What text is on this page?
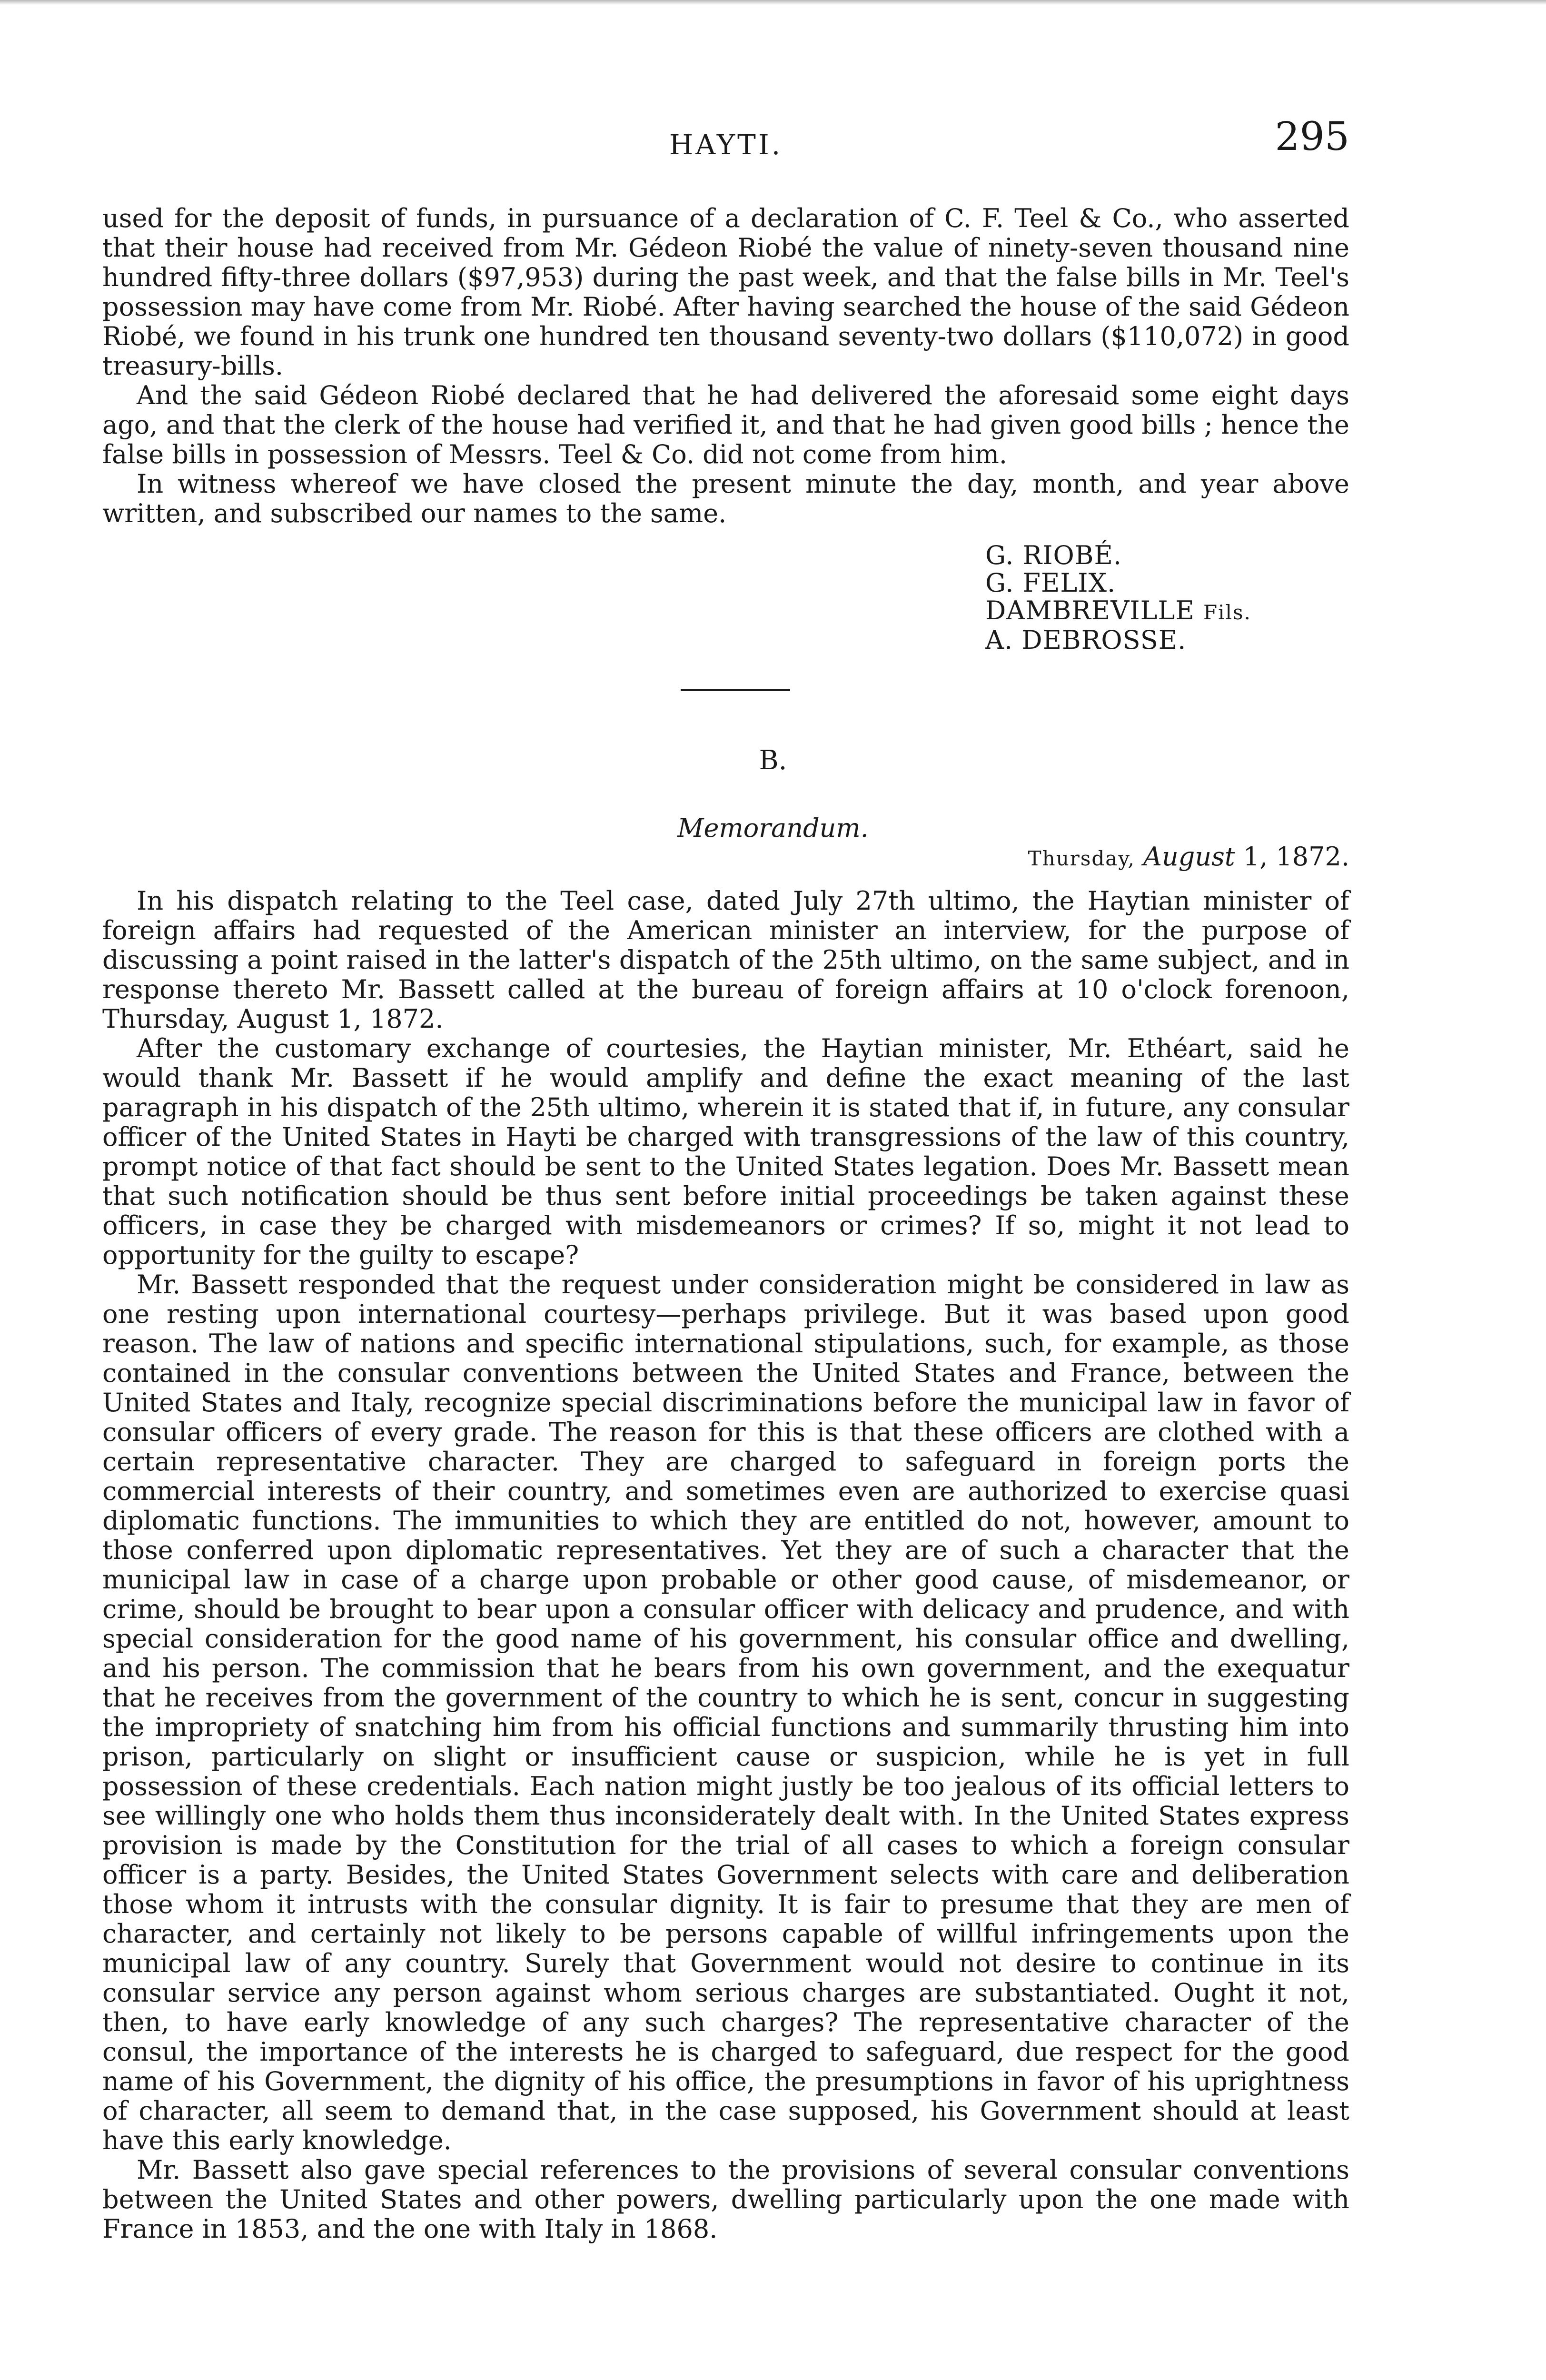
HAYTI.	295

used for the deposit of funds, in pursuance of a declaration of C. F. Teel & Co., who asserted that their house had received from Mr. Gédeon Riobé the value of ninety-seven thousand nine hundred fifty-three dollars ($97,953) during the past week, and that the false bills in Mr. Teel's possession may have come from Mr. Riobé. After having searched the house of the said Gédeon Riobé, we found in his trunk one hundred ten thousand seventy-two dollars ($110,072) in good treasury-bills.

And the said Gédeon Riobé declared that he had delivered the aforesaid some eight days ago, and that the clerk of the house had verified it, and that he had given good bills ; hence the false bills in possession of Messrs. Teel & Co. did not come from him.

In witness whereof we have closed the present minute the day, month, and year above written, and subscribed our names to the same.

G. RIOBÉ.
G. FELIX.
DAMBREVILLE Fils.
A. DEBROSSE.
B.
Memorandum.
Thursday, August 1, 1872.

In his dispatch relating to the Teel case, dated July 27th ultimo, the Haytian minister of foreign affairs had requested of the American minister an interview, for the purpose of discussing a point raised in the latter's dispatch of the 25th ultimo, on the same subject, and in response thereto Mr. Bassett called at the bureau of foreign affairs at 10 o'clock forenoon, Thursday, August 1, 1872.

After the customary exchange of courtesies, the Haytian minister, Mr. Ethéart, said he would thank Mr. Bassett if he would amplify and define the exact meaning of the last paragraph in his dispatch of the 25th ultimo, wherein it is stated that if, in future, any consular officer of the United States in Hayti be charged with transgressions of the law of this country, prompt notice of that fact should be sent to the United States legation. Does Mr. Bassett mean that such notification should be thus sent before initial proceedings be taken against these officers, in case they be charged with misdemeanors or crimes? If so, might it not lead to opportunity for the guilty to escape?

Mr. Bassett responded that the request under consideration might be considered in law as one resting upon international courtesy—perhaps privilege. But it was based upon good reason. The law of nations and specific international stipulations, such, for example, as those contained in the consular conventions between the United States and France, between the United States and Italy, recognize special discriminations before the municipal law in favor of consular officers of every grade. The reason for this is that these officers are clothed with a certain representative character. They are charged to safeguard in foreign ports the commercial interests of their country, and sometimes even are authorized to exercise quasi diplomatic functions. The immunities to which they are entitled do not, however, amount to those conferred upon diplomatic representatives. Yet they are of such a character that the municipal law in case of a charge upon probable or other good cause, of misdemeanor, or crime, should be brought to bear upon a consular officer with delicacy and prudence, and with special consideration for the good name of his government, his consular office and dwelling, and his person. The commission that he bears from his own government, and the exequatur that he receives from the government of the country to which he is sent, concur in suggesting the impropriety of snatching him from his official functions and summarily thrusting him into prison, particularly on slight or insufficient cause or suspicion, while he is yet in full possession of these credentials. Each nation might justly be too jealous of its official letters to see willingly one who holds them thus inconsiderately dealt with. In the United States express provision is made by the Constitution for the trial of all cases to which a foreign consular officer is a party. Besides, the United States Government selects with care and deliberation those whom it intrusts with the consular dignity. It is fair to presume that they are men of character, and certainly not likely to be persons capable of willful infringements upon the municipal law of any country. Surely that Government would not desire to continue in its consular service any person against whom serious charges are substantiated. Ought it not, then, to have early knowledge of any such charges? The representative character of the consul, the importance of the interests he is charged to safeguard, due respect for the good name of his Government, the dignity of his office, the presumptions in favor of his uprightness of character, all seem to demand that, in the case supposed, his Government should at least have this early knowledge.

Mr. Bassett also gave special references to the provisions of several consular conventions between the United States and other powers, dwelling particularly upon the one made with France in 1853, and the one with Italy in 1868.
